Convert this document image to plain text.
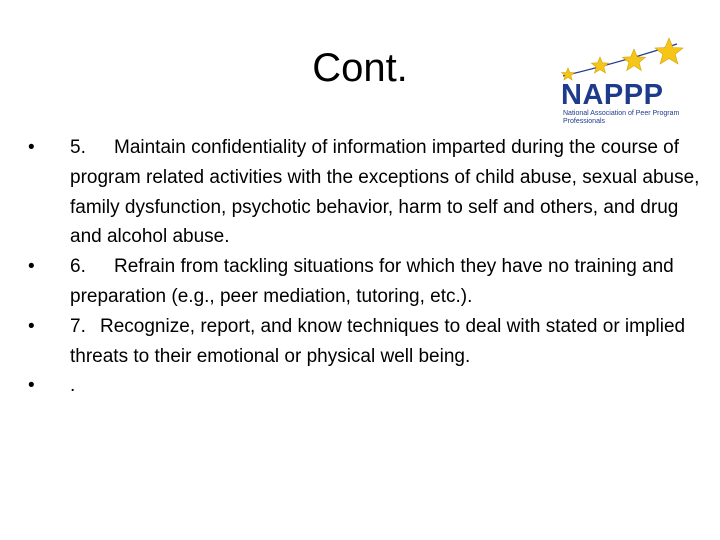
Cont.
NAPPP
National Association of Peer Program Professionals
•	5. Maintain confidentiality of information imparted during the course of program related activities with the exceptions of child abuse, sexual abuse, family dysfunction, psychotic behavior, harm to self and others, and drug and alcohol abuse.
•	6. Refrain from tackling situations for which they have no training and preparation (e.g., peer mediation, tutoring, etc.).
•	7. Recognize, report, and know techniques to deal with stated or implied threats to their emotional or physical well being.
•	.
